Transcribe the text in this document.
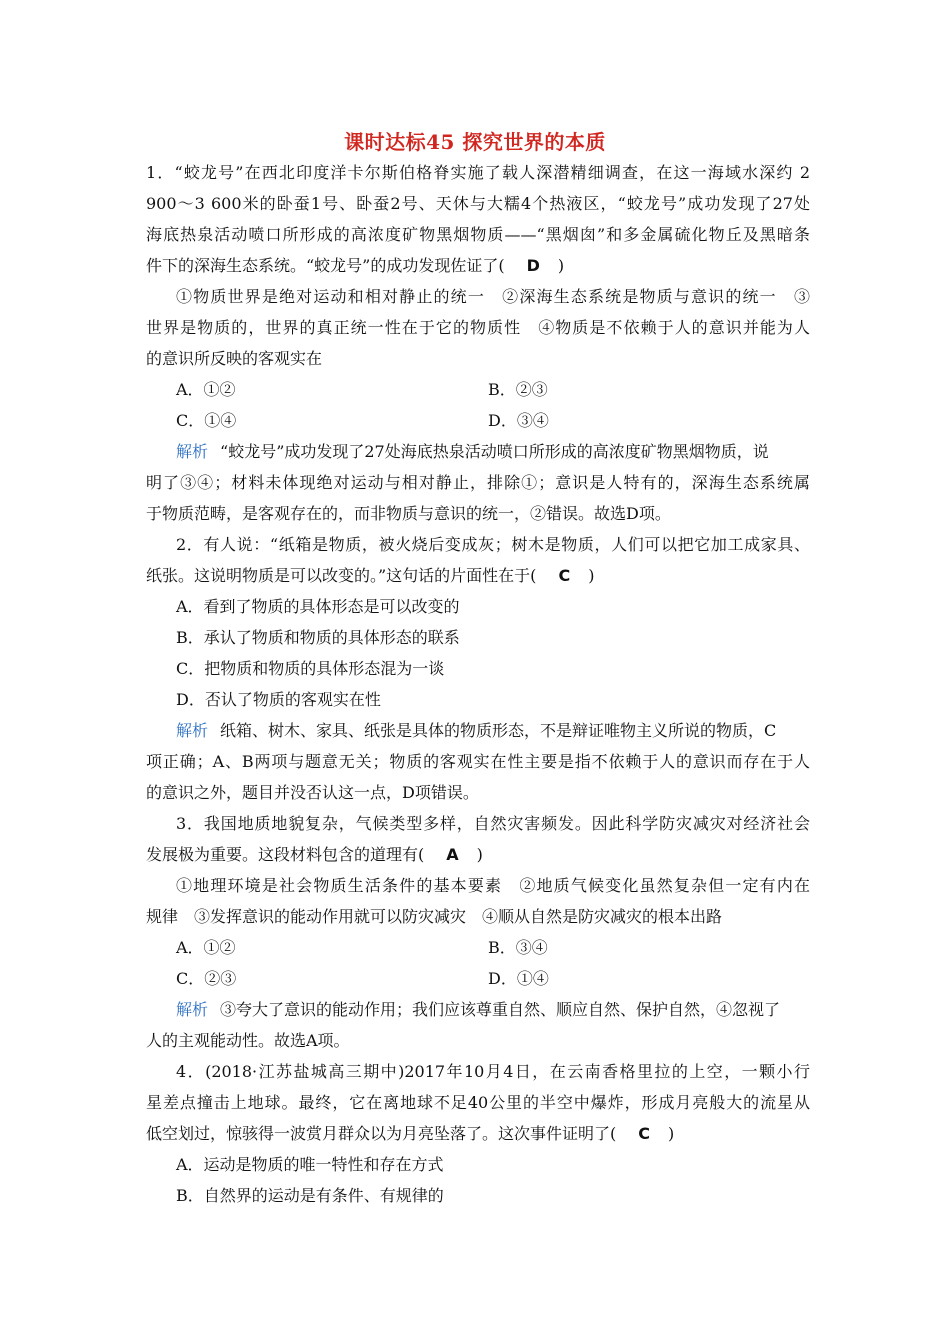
课时达标45 探究世界的本质
1．“蛟龙号”在西北印度洋卡尔斯伯格脊实施了载人深潜精细调查，在这一海域水深约 2
900～3 600米的卧蚕1号、卧蚕2号、天休与大糯4个热液区，“蛟龙号”成功发现了27处
海底热泉活动喷口所形成的高浓度矿物黑烟物质——“黑烟囱”和多金属硫化物丘及黑暗条
件下的深海生态系统。“蛟龙号”的成功发现佐证了( D )
①物质世界是绝对运动和相对静止的统一　②深海生态系统是物质与意识的统一　③
世界是物质的，世界的真正统一性在于它的物质性　④物质是不依赖于人的意识并能为人
的意识所反映的客观实在
A．①②	B．②③
C．①④	D．③④
解析 “蛟龙号”成功发现了27处海底热泉活动喷口所形成的高浓度矿物黑烟物质，说
明了③④；材料未体现绝对运动与相对静止，排除①；意识是人特有的，深海生态系统属
于物质范畴，是客观存在的，而非物质与意识的统一，②错误。故选D项。
2．有人说：“纸箱是物质，被火烧后变成灰；树木是物质，人们可以把它加工成家具、
纸张。这说明物质是可以改变的。”这句话的片面性在于( C )
A．看到了物质的具体形态是可以改变的
B．承认了物质和物质的具体形态的联系
C．把物质和物质的具体形态混为一谈
D．否认了物质的客观实在性
解析 纸箱、树木、家具、纸张是具体的物质形态，不是辩证唯物主义所说的物质，C
项正确；A、B两项与题意无关；物质的客观实在性主要是指不依赖于人的意识而存在于人
的意识之外，题目并没否认这一点，D项错误。
3．我国地质地貌复杂，气候类型多样，自然灾害频发。因此科学防灾减灾对经济社会
发展极为重要。这段材料包含的道理有( A )
①地理环境是社会物质生活条件的基本要素　②地质气候变化虽然复杂但一定有内在
规律　③发挥意识的能动作用就可以防灾减灾　④顺从自然是防灾减灾的根本出路
A．①②	B．③④
C．②③	D．①④
解析 ③夸大了意识的能动作用；我们应该尊重自然、顺应自然、保护自然，④忽视了
人的主观能动性。故选A项。
4．(2018·江苏盐城高三期中)2017年10月4日，在云南香格里拉的上空，一颗小行
星差点撞击上地球。最终，它在离地球不足40公里的半空中爆炸，形成月亮般大的流星从
低空划过，惊骇得一波赏月群众以为月亮坠落了。这次事件证明了( C )
A．运动是物质的唯一特性和存在方式
B．自然界的运动是有条件、有规律的
